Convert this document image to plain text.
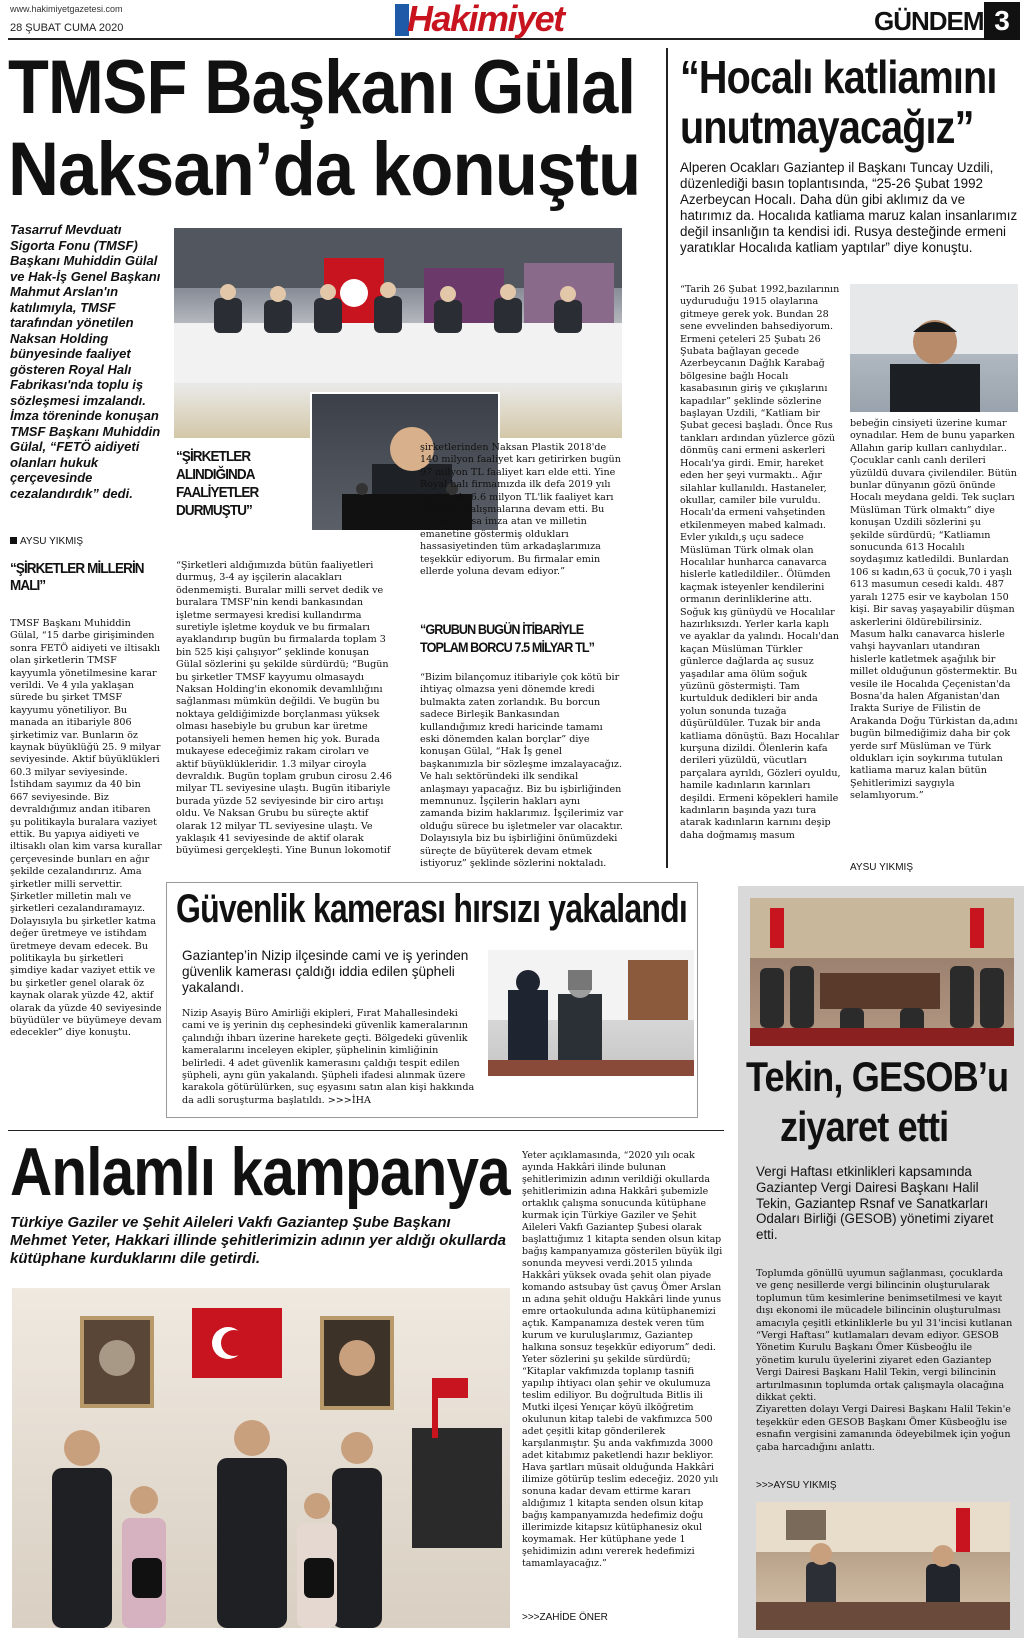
www.hakimiyetgazetesi.com
28 ŞUBAT CUMA 2020	Hakimiyet	GÜNDEM 3
TMSF Başkanı Gülal
Naksan’da konuştu
Tasarruf Mevduatı Sigorta Fonu (TMSF) Başkanı Muhiddin Gülal ve Hak-İş Genel Başkanı Mahmut Arslan'ın katılımıyla, TMSF tarafından yönetilen Naksan Holding bünyesinde faaliyet gösteren Royal Halı Fabrikası'nda toplu iş sözleşmesi imzalandı. İmza töreninde konuşan TMSF Başkanı Muhiddin Gülal, “FETÖ aidiyeti olanları hukuk çerçevesinde cezalandırdık” dedi.
AYSU YIKMIŞ
“ŞİRKETLER MİLLERİN MALI”
TMSF Başkanı Muhiddin Gülal, “15 darbe girişiminden sonra FETÖ aidiyeti ve iltisaklı olan şirketlerin TMSF kayyumla yönetilmesine karar verildi. Ve 4 yıla yaklaşan sürede bu şirket TMSF kayyumu yönetiliyor. Bu manada an itibariyle 806 şirketimiz var. Bunların öz kaynak büyüklüğü 25. 9 milyar seviyesinde. Aktif büyüklükleri 60.3 milyar seviyesinde. İstihdam sayımız da 40 bin 667 seviyesinde. Biz devraldığımız andan itibaren şu politikayla buralara vaziyet ettik. Bu yapıya aidiyeti ve iltisaklı olan kim varsa kurallar çerçevesinde bunları en ağır şekilde cezalandırırız. Ama şirketler milli servettir. Şirketler milletin malı ve şirketleri cezalandıramayız. Dolayısıyla bu şirketler katma değer üretmeye ve istihdam üretmeye devam edecek. Bu politikayla bu şirketleri şimdiye kadar vaziyet ettik ve bu şirketler genel olarak öz kaynak olarak yüzde 42, aktif olarak da yüzde 40 seviyesinde büyüdüler ve büyümeye devam edecekler” diye konuştu.
“ŞİRKETLER ALINDIĞINDA FAALİYETLER DURMUŞTU”
“Şirketleri aldığımızda bütün faaliyetleri durmuş, 3-4 ay işçilerin alacakları ödenmemişti. Buralar milli servet dedik ve buralara TMSF'nin kendi bankasından işletme sermayesi kredisi kullandırma suretiyle işletme koyduk ve bu firmaları ayaklandırıp bugün bu firmalarda toplam 3 bin 525 kişi çalışıyor” şeklinde konuşan Gülal sözlerini şu şekilde sürdürdü; “Bugün bu şirketler TMSF kayyumu olmasaydı Naksan Holding'in ekonomik devamlılığını sağlanması mümkün değildi. Ve bugün bu noktaya geldiğimizde borçlanması yüksek olması hasebiyle bu grubun kar üretme potansiyeli hemen hemen hiç yok. Burada mukayese edeceğimiz rakam ciroları ve aktif büyüklükleridir. 1.3 milyar ciroyla devraldık. Bugün toplam grubun cirosu 2.46 milyar TL seviyesine ulaştı. Bugün itibariyle burada yüzde 52 seviyesinde bir ciro artışı oldu. Ve Naksan Grubu bu süreçte aktif olarak 12 milyar TL seviyesine ulaştı. Ve yaklaşık 41 seviyesinde de aktif olarak büyümesi gerçekleşti. Yine Bunun lokomotif
şirketlerinden Naksan Plastik 2018'de 140 milyon faaliyet karı getirirken bugün 97 milyon TL faaliyet karı elde etti. Yine Royal halı firmamızda ilk defa 2019 yılı içerisinde 6.6 milyon TL'lik faaliyet karı üreterek çalışmalarına devam etti. Bu performansa imza atan ve milletin emanetine göstermiş oldukları hassasiyetinden tüm arkadaşlarımıza teşekkür ediyorum. Bu firmalar emin ellerde yoluna devam ediyor.”
“GRUBUN BUGÜN İTİBARİYLE TOPLAM BORCU 7.5 MİLYAR TL”
“Bizim bilançomuz itibariyle çok kötü bir ihtiyaç olmazsa yeni dönemde kredi bulmakta zaten zorlandık. Bu borcun sadece Birleşik Bankasından kullandığımız kredi haricinde tamamı eski dönemden kalan borçlar” diye konuşan Gülal, “Hak İş genel başkanımızla bir sözleşme imzalayacağız. Ve halı sektöründeki ilk sendikal anlaşmayı yapacağız. Biz bu işbirliğinden memnunuz. İşçilerin hakları aynı zamanda bizim haklarımız. İşçilerimiz var olduğu sürece bu işletmeler var olacaktır. Dolayısıyla biz bu işbirliğini önümüzdeki süreçte de büyüterek devam etmek istiyoruz” şeklinde sözlerini noktaladı.
“Hocalı katliamını unutmayacağız”
Alperen Ocakları Gaziantep il Başkanı Tuncay Uzdili, düzenlediği basın toplantısında, “25-26 Şubat 1992 Azerbeycan Hocalı. Daha dün gibi aklımız da ve hatırımız da. Hocalıda katliama maruz kalan insanlarımız değil insanlığın ta kendisi idi. Rusya desteğinde ermeni yaratıklar Hocalıda katliam yaptılar” diye konuştu.
“Tarih 26 Şubat 1992,bazılarının uyduruduğu 1915 olaylarına gitmeye gerek yok. Bundan 28 sene evvelinden bahsediyorum. Ermeni çeteleri 25 Şubatı 26 Şubata bağlayan gecede Azerbeycanın Dağlık Karabağ bölgesine bağlı Hocalı kasabasının giriş ve çıkışlarını kapadılar” şeklinde sözlerine başlayan Uzdili, “Katliam bir Şubat gecesi başladı. Önce Rus tankları ardından yüzlerce gözü dönmüş cani ermeni askerleri Hocalı'ya girdi. Emir, hareket eden her şeyi vurmaktı.. Ağır silahlar kullanıldı. Hastaneler, okullar, camiler bile vuruldu. Hocalı'da ermeni vahşetinden etkilenmeyen mabed kalmadı. Evler yıkıldı,ş uçu sadece Müslüman Türk olmak olan Hocalılar hunharca canavarca hislerle katledildiler.. Ölümden kaçmak isteyenler kendilerini ormanın derinliklerine attı. Soğuk kış günüydü ve Hocalılar hazırlıksızdı. Yerler karla kaplı ve ayaklar da yalındı. Hocalı'dan kaçan Müslüman Türkler günlerce dağlarda aç susuz yaşadılar ama ölüm soğuk yüzünü göstermişti. Tam kurtulduk dedikleri bir anda yolun sonunda tuzağa düşürüldüler. Tuzak bir anda katliama dönüştü. Bazı Hocalılar kurşuna dizildi. Ölenlerin kafa derileri yüzüldü, vücutları parçalara ayrıldı, Gözleri oyuldu, hamile kadınların karınları deşildi. Ermeni köpekleri hamile kadınların başında yazı tura atarak kadınların karnını deşip daha doğmamış masum
bebeğin cinsiyeti üzerine kumar oynadılar. Hem de bunu yaparken Allahın garip kulları canlıydılar.. Çocuklar canlı canlı derileri yüzüldü duvara çivilendiler. Bütün bunlar dünyanın gözü önünde Hocalı meydana geldi. Tek suçları Müslüman Türk olmaktı” diye konuşan Uzdili sözlerini şu şekilde sürdürdü; “Katliamın sonucunda 613 Hocalılı soydaşımız katledildi. Bunlardan 106 sı kadın,63 ü çocuk,70 i yaşlı 613 masumun cesedi kaldı. 487 yaralı 1275 esir ve kaybolan 150 kişi. Bir savaş yaşayabilir düşman askerlerini öldürebilirsiniz. Masum halkı canavarca hislerle vahşi hayvanları utandıran hislerle katletmek aşağılık bir millet olduğunun göstermektir. Bu vesile ile Hocalıda Çeçenistan'da Bosna'da halen Afganistan'dan Irakta Suriye de Filistin de Arakanda Doğu Türkistan da,adını bugün bilmediğimiz daha bir çok yerde sırf Müslüman ve Türk oldukları için soykırıma tutulan katliama maruz kalan bütün Şehitlerimizi saygıyla selamlıyorum.”
AYSU YIKMIŞ
Güvenlik kamerası hırsızı yakalandı
Gaziantep’in Nizip ilçesinde cami ve iş yerinden güvenlik kamerası çaldığı iddia edilen şüpheli yakalandı.
Nizip Asayiş Büro Amirliği ekipleri, Fırat Mahallesindeki cami ve iş yerinin dış cephesindeki güvenlik kameralarının çalındığı ihbarı üzerine harekete geçti. Bölgedeki güvenlik kameralarını inceleyen ekipler, şüphelinin kimliğinin belirledi. 4 adet güvenlik kamerasını çaldığı tespit edilen şüpheli, aynı gün yakalandı. Şüpheli ifadesi alınmak üzere karakola götürülürken, suç eşyasını satın alan kişi hakkında da adli soruşturma başlatıldı. >>>İHA
Tekin, GESOB’u
ziyaret etti
Vergi Haftası etkinlikleri kapsamında Gaziantep Vergi Dairesi Başkanı Halil Tekin, Gaziantep Rsnaf ve Sanatkarları Odaları Birliği (GESOB) yönetimi ziyaret etti.
Toplumda gönüllü uyumun sağlanması, çocuklarda ve genç nesillerde vergi bilincinin oluşturularak toplumun tüm kesimlerine benimsetilmesi ve kayıt dışı ekonomi ile mücadele bilincinin oluşturulması amacıyla çeşitli etkinliklerle bu yıl 31'incisi kutlanan “Vergi Haftası” kutlamaları devam ediyor. GESOB Yönetim Kurulu Başkanı Ömer Küsbeoğlu ile yönetim kurulu üyelerini ziyaret eden Gaziantep Vergi Dairesi Başkanı Halil Tekin, vergi bilincinin artırılmasının toplumda ortak çalışmayla olacağına dikkat çekti.
Ziyaretten dolayı Vergi Dairesi Başkanı Halil Tekin'e teşekkür eden GESOB Başkanı Ömer Küsbeoğlu ise esnafın vergisini zamanında ödeyebilmek için yoğun çaba harcadığını anlattı.
>>>AYSU YIKMIŞ
Anlamlı kampanya
Türkiye Gaziler ve Şehit Aileleri Vakfı Gaziantep Şube Başkanı Mehmet Yeter, Hakkari illinde şehitlerimizin adının yer aldığı okullarda kütüphane kurduklarını dile getirdi.
Yeter açıklamasında, “2020 yılı ocak ayında Hakkâri ilinde bulunan şehitlerimizin adının verildiği okullarda şehitlerimizin adına Hakkâri şubemizle ortaklık çalışma sonucunda kütüphane kurmak için Türkiye Gaziler ve Şehit Aileleri Vakfı Gaziantep Şubesi olarak başlattığımız 1 kitapta senden olsun kitap bağış kampanyamıza gösterilen büyük ilgi sonunda meyvesi verdi.2015 yılında Hakkâri yüksek ovada şehit olan piyade komando astsubay üst çavuş Ömer Arslan ın adına şehit olduğu Hakkâri linde yunus emre ortaokulunda adına kütüphanemizi açtık. Kampanamıza destek veren tüm kurum ve kuruluşlarımız, Gaziantep halkına sonsuz teşekkür ediyorum” dedi. Yeter sözlerini şu şekilde sürdürdü;
“Kitaplar vakfımızda toplanıp tasnifi yapılıp ihtiyacı olan şehir ve okulumuza teslim ediliyor. Bu doğrultuda Bitlis ili Mutki ilçesi Yenıçar köyü ilköğretim okulunun kitap talebi de vakfımızca 500 adet çeşitli kitap gönderilerek karşılanmıştır. Şu anda vakfımızda 3000 adet kitabımız paketlendi hazır bekliyor. Hava şartları müsait olduğunda Hakkâri ilimize götürüp teslim edeceğiz. 2020 yılı sonuna kadar devam ettirme kararı aldığımız 1 kitapta senden olsun kitap bağış kampanyamızda hedefimiz doğu illerimizde kitapsız kütüphanesiz okul koymamak. Her kütüphane yede 1 şehidimizin adını vererek hedefimizi tamamlayacağız.”
>>>ZAHİDE ÖNER
